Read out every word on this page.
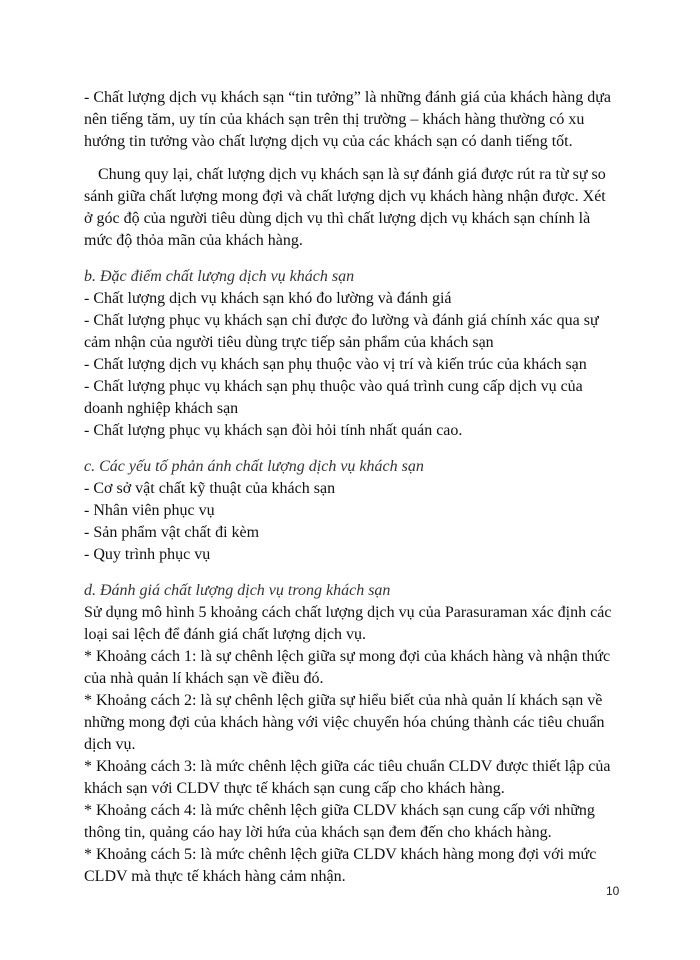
- Chất lượng dịch vụ khách sạn “tin tưởng” là những đánh giá của khách hàng dựa nên tiếng tăm, uy tín của khách sạn trên thị trường – khách hàng thường có xu hướng tin tưởng vào chất lượng dịch vụ của các khách sạn có danh tiếng tốt.

Chung quy lại, chất lượng dịch vụ khách sạn là sự đánh giá được rút ra từ sự so sánh giữa chất lượng mong đợi và chất lượng dịch vụ khách hàng nhận được. Xét ở góc độ của người tiêu dùng dịch vụ thì chất lượng dịch vụ khách sạn chính là mức độ thỏa mãn của khách hàng.

b. Đặc điểm chất lượng dịch vụ khách sạn

- Chất lượng dịch vụ khách sạn khó đo lường và đánh giá

- Chất lượng phục vụ khách sạn chỉ được đo lường và đánh giá chính xác qua sự cảm nhận của người tiêu dùng trực tiếp sản phẩm của khách sạn

- Chất lượng dịch vụ khách sạn phụ thuộc vào vị trí và kiến trúc của khách sạn

- Chất lượng phục vụ khách sạn phụ thuộc vào quá trình cung cấp dịch vụ của doanh nghiệp khách sạn

- Chất lượng phục vụ khách sạn đòi hỏi tính nhất quán cao.

c. Các yếu tố phản ánh chất lượng dịch vụ khách sạn

- Cơ sở vật chất kỹ thuật của khách sạn

- Nhân viên phục vụ

- Sản phẩm vật chất đi kèm

- Quy trình phục vụ

d. Đánh giá chất lượng dịch vụ trong khách sạn

Sử dụng mô hình 5 khoảng cách chất lượng dịch vụ của Parasuraman xác định các loại sai lệch để đánh giá chất lượng dịch vụ.

* Khoảng cách 1: là sự chênh lệch giữa sự mong đợi của khách hàng và nhận thức của nhà quản lí khách sạn về điều đó.

* Khoảng cách 2: là sự chênh lệch giữa sự hiểu biết của nhà quản lí khách sạn về những mong đợi của khách hàng với việc chuyển hóa chúng thành các tiêu chuẩn dịch vụ.

* Khoảng cách 3: là mức chênh lệch giữa các tiêu chuẩn CLDV được thiết lập của khách sạn với CLDV thực tế khách sạn cung cấp cho khách hàng.

* Khoảng cách 4: là mức chênh lệch giữa CLDV khách sạn cung cấp với những thông tin, quảng cáo hay lời hứa của khách sạn đem đến cho khách hàng.

* Khoảng cách 5: là mức chênh lệch giữa CLDV khách hàng mong đợi với mức CLDV mà thực tế khách hàng cảm nhận.

10
